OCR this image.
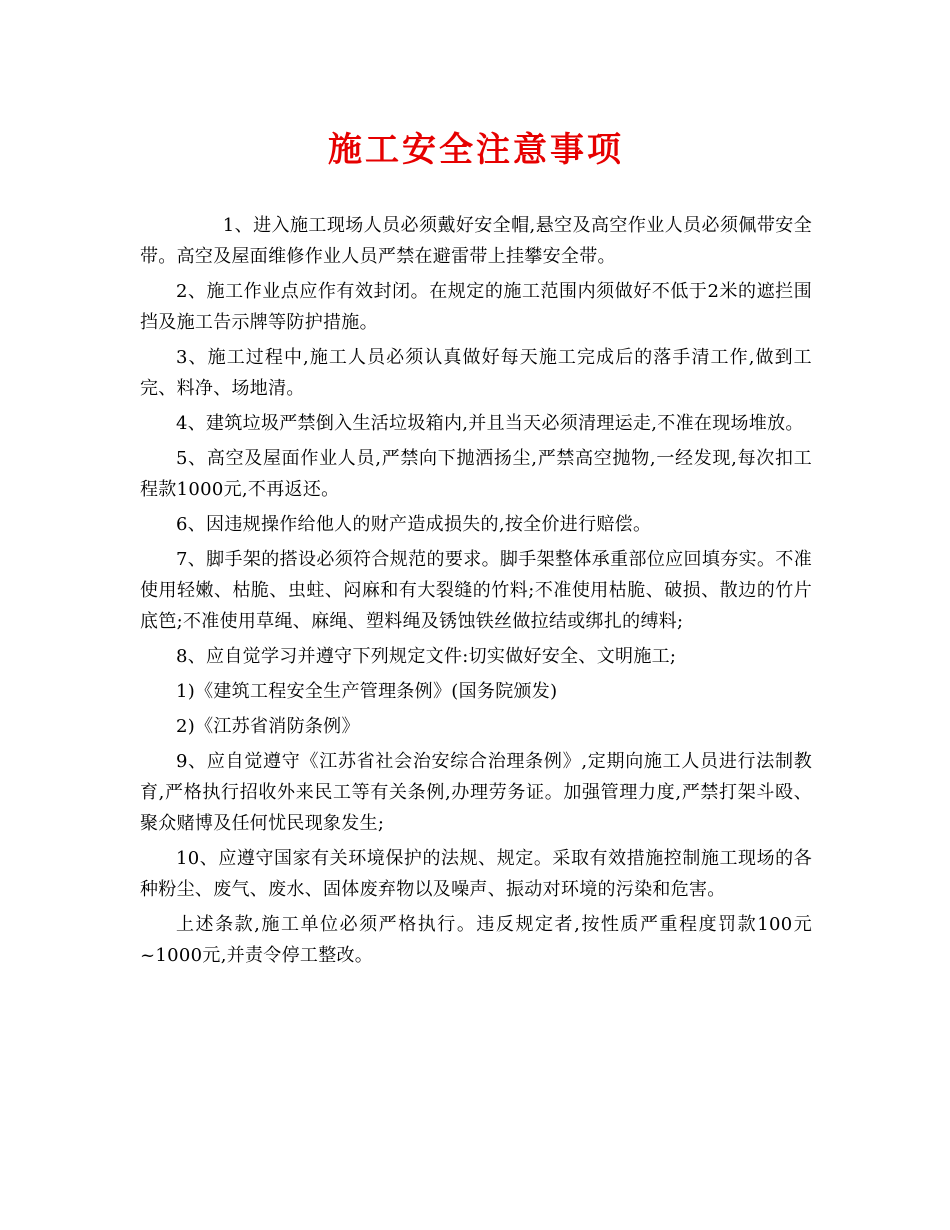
施工安全注意事项

1、进入施工现场人员必须戴好安全帽,悬空及高空作业人员必须佩带安全带。高空及屋面维修作业人员严禁在避雷带上挂攀安全带。

2、施工作业点应作有效封闭。在规定的施工范围内须做好不低于2米的遮拦围挡及施工告示牌等防护措施。

3、施工过程中,施工人员必须认真做好每天施工完成后的落手清工作,做到工完、料净、场地清。

4、建筑垃圾严禁倒入生活垃圾箱内,并且当天必须清理运走,不准在现场堆放。

5、高空及屋面作业人员,严禁向下抛洒扬尘,严禁高空抛物,一经发现,每次扣工程款1000元,不再返还。

6、因违规操作给他人的财产造成损失的,按全价进行赔偿。

7、脚手架的搭设必须符合规范的要求。脚手架整体承重部位应回填夯实。不准使用轻嫩、枯脆、虫蛀、闷麻和有大裂缝的竹料;不准使用枯脆、破损、散边的竹片底笆;不准使用草绳、麻绳、塑料绳及锈蚀铁丝做拉结或绑扎的缚料;

8、应自觉学习并遵守下列规定文件:切实做好安全、文明施工;

1)《建筑工程安全生产管理条例》(国务院颁发)

2)《江苏省消防条例》

9、应自觉遵守《江苏省社会治安综合治理条例》,定期向施工人员进行法制教育,严格执行招收外来民工等有关条例,办理劳务证。加强管理力度,严禁打架斗殴、聚众赌博及任何忧民现象发生;

10、应遵守国家有关环境保护的法规、规定。采取有效措施控制施工现场的各种粉尘、废气、废水、固体废弃物以及噪声、振动对环境的污染和危害。

上述条款,施工单位必须严格执行。违反规定者,按性质严重程度罚款100元~1000元,并责令停工整改。
